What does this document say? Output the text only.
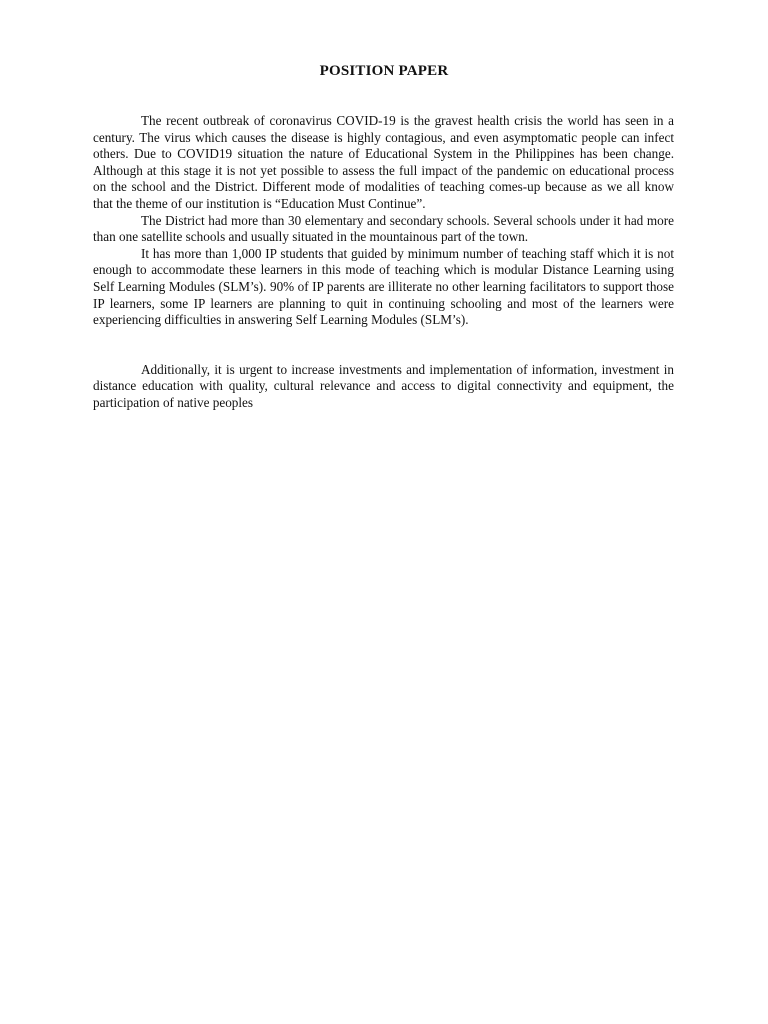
POSITION PAPER

The recent outbreak of coronavirus COVID-19 is the gravest health crisis the world has seen in a century. The virus which causes the disease is highly contagious, and even asymptomatic people can infect others. Due to COVID19 situation the nature of Educational System in the Philippines has been change. Although at this stage it is not yet possible to assess the full impact of the pandemic on educational process on the school and the District. Different mode of modalities of teaching comes-up because as we all know that the theme of our institution is “Education Must Continue”.

The District had more than 30 elementary and secondary schools. Several schools under it had more than one satellite schools and usually situated in the mountainous part of the town.

It has more than 1,000 IP students that guided by minimum number of teaching staff which it is not enough to accommodate these learners in this mode of teaching which is modular Distance Learning using Self Learning Modules (SLM’s). 90% of IP parents are illiterate no other learning facilitators to support those IP learners, some IP learners are planning to quit in continuing schooling and most of the learners were experiencing difficulties in answering Self Learning Modules (SLM’s).

Additionally, it is urgent to increase investments and implementation of information, investment in distance education with quality, cultural relevance and access to digital connectivity and equipment, the participation of native peoples
